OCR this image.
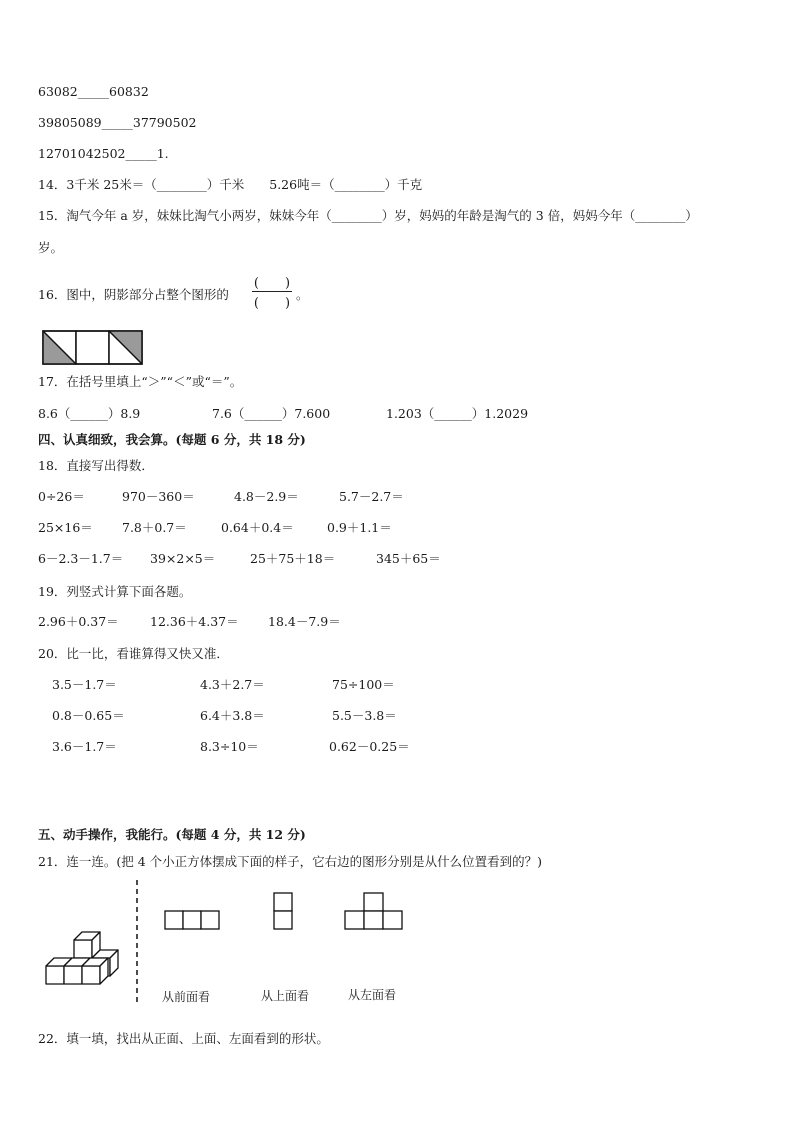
63082_____60832
39805089_____37790502
12701042502_____1.
14．3千米 25米＝（________）千米　　5.26吨＝（________）千克
15．淘气今年 a 岁，妹妹比淘气小两岁，妹妹今年（________）岁，妈妈的年龄是淘气的 3 倍，妈妈今年（________）
岁。
16．图中，阴影部分占整个图形的
(　　)
(　　)
。
17．在括号里填上“＞”“＜”或“＝”。
8.6（______）8.9	7.6（______）7.600	1.203（______）1.2029
四、认真细致，我会算。(每题 6 分，共 18 分)
18．直接写出得数．
0÷26＝	970－360＝	4.8－2.9＝	5.7－2.7＝
25×16＝ 7.8＋0.7＝	0.64＋0.4＝	0.9＋1.1＝
6－2.3－1.7＝ 39×2×5＝	25＋75＋18＝	345＋65＝
19．列竖式计算下面各题。
2.96＋0.37＝	12.36＋4.37＝ 18.4－7.9＝
20．比一比，看谁算得又快又准．
3.5－1.7＝	4.3＋2.7＝	75÷100＝
0.8－0.65＝	6.4＋3.8＝	5.5－3.8＝
3.6－1.7＝	8.3÷10＝	0.62－0.25＝
五、动手操作，我能行。(每题 4 分，共 12 分)
21．连一连。(把 4 个小正方体摆成下面的样子，它右边的图形分别是从什么位置看到的？)
从前面看	从上面看	从左面看
22．填一填，找出从正面、上面、左面看到的形状。
